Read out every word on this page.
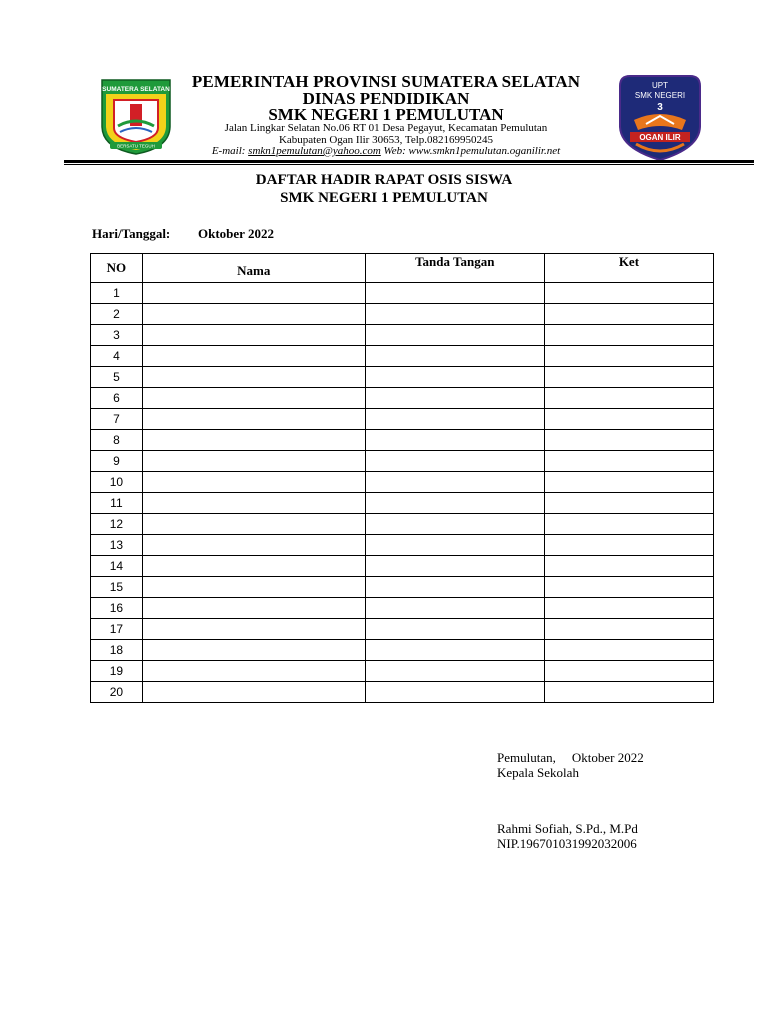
SUMATERA SELATAN
BERSATU TEGUH
UPT
SMK NEGERI
3
OGAN ILIR
PEMERINTAH PROVINSI SUMATERA SELATAN
DINAS PENDIDIKAN
SMK NEGERI 1 PEMULUTAN
Jalan Lingkar Selatan No.06 RT 01 Desa Pegayut, Kecamatan Pemulutan
Kabupaten Ogan Ilir 30653, Telp.082169950245
E-mail: smkn1pemulutan@yahoo.com Web: www.smkn1pemulutan.oganilir.net
DAFTAR HADIR RAPAT OSIS SISWA
SMK NEGERI 1 PEMULUTAN
Hari/Tanggal: Oktober 2022
NO	Nama	Tanda Tangan	Ket
1			
2			
3			
4			
5			
6			
7			
8			
9			
10			
11			
12			
13			
14			
15			
16			
17			
18			
19			
20			
Pemulutan, Oktober 2022
Kepala Sekolah
Rahmi Sofiah, S.Pd., M.Pd
NIP.196701031992032006
